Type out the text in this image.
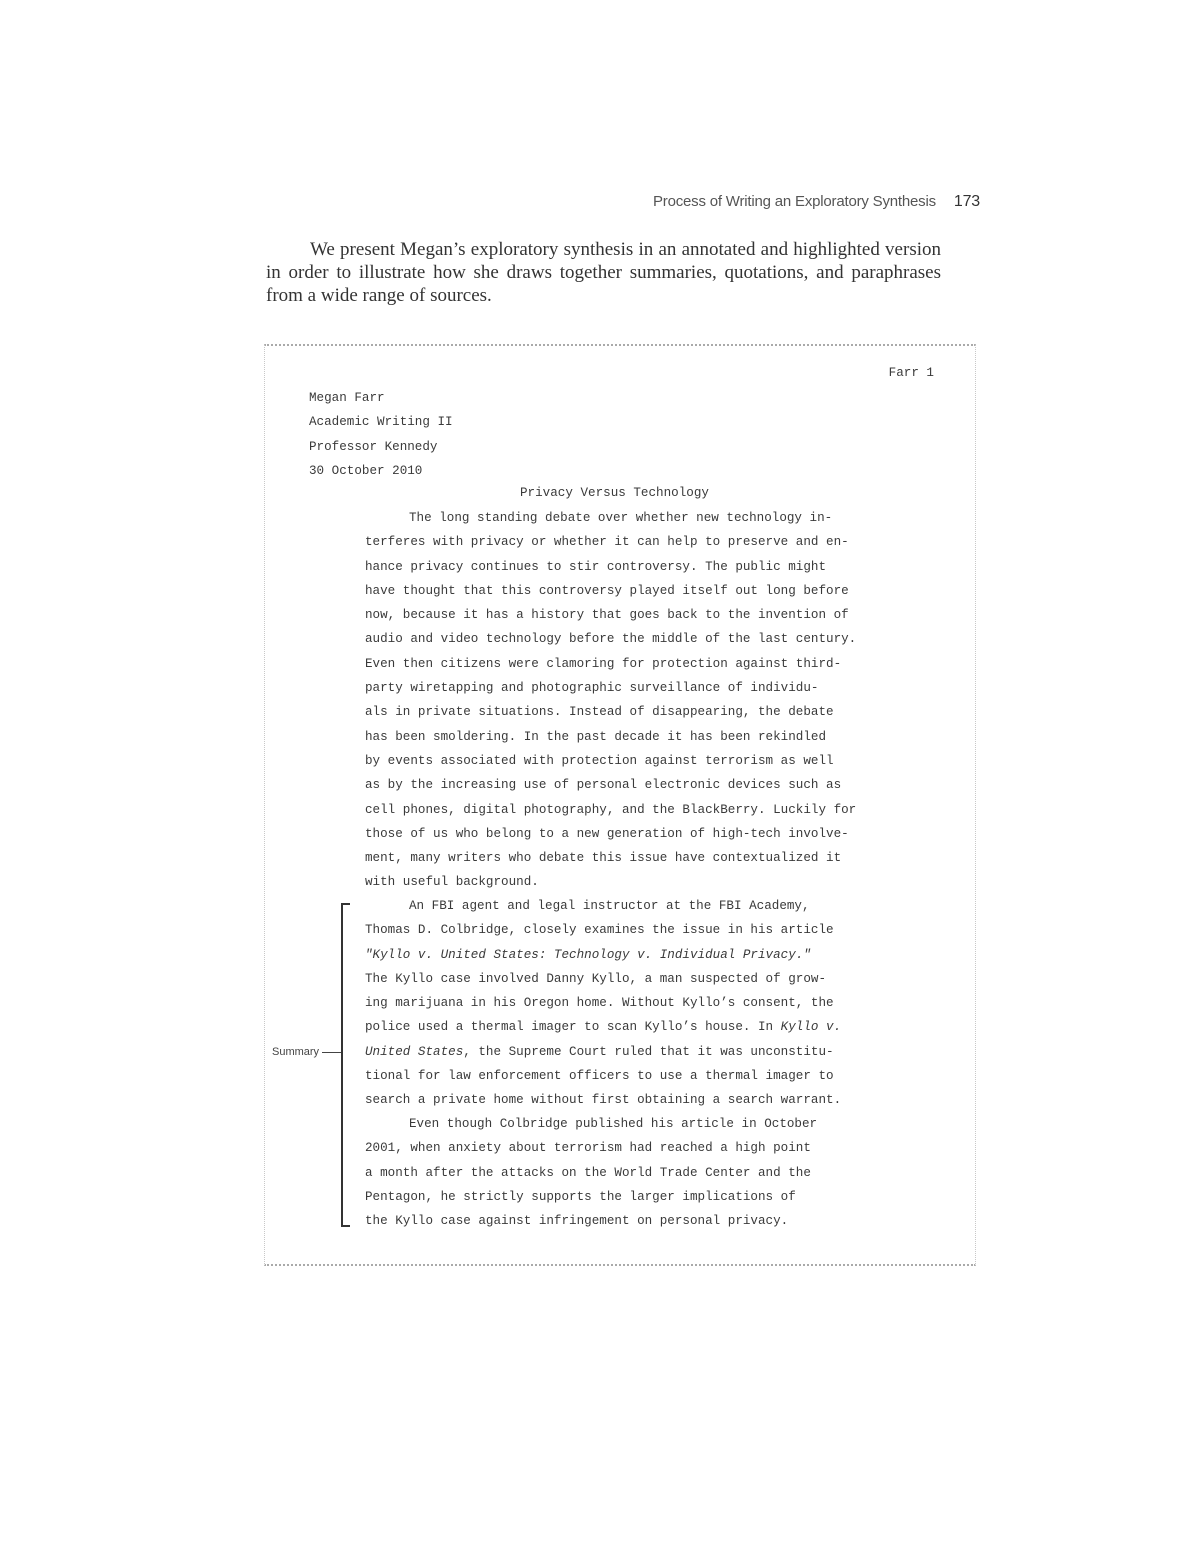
Process of Writing an Exploratory Synthesis 173

We present Megan’s exploratory synthesis in an annotated and highlighted version in order to illustrate how she draws together summaries, quotations, and paraphrases from a wide range of sources.

Farr 1
Megan Farr
Academic Writing II
Professor Kennedy
30 October 2010
Privacy Versus Technology
The long standing debate over whether new technology in-
terferes with privacy or whether it can help to preserve and en-
hance privacy continues to stir controversy. The public might
have thought that this controversy played itself out long before
now, because it has a history that goes back to the invention of
audio and video technology before the middle of the last century.
Even then citizens were clamoring for protection against third-
party wiretapping and photographic surveillance of individu-
als in private situations. Instead of disappearing, the debate
has been smoldering. In the past decade it has been rekindled
by events associated with protection against terrorism as well
as by the increasing use of personal electronic devices such as
cell phones, digital photography, and the BlackBerry. Luckily for
those of us who belong to a new generation of high-tech involve-
ment, many writers who debate this issue have contextualized it
with useful background.
An FBI agent and legal instructor at the FBI Academy,
Thomas D. Colbridge, closely examines the issue in his article
"Kyllo v. United States: Technology v. Individual Privacy."
The Kyllo case involved Danny Kyllo, a man suspected of grow-
ing marijuana in his Oregon home. Without Kyllo’s consent, the
police used a thermal imager to scan Kyllo’s house. In Kyllo v.
United States, the Supreme Court ruled that it was unconstitu-
tional for law enforcement officers to use a thermal imager to
search a private home without first obtaining a search warrant.
Even though Colbridge published his article in October
2001, when anxiety about terrorism had reached a high point
a month after the attacks on the World Trade Center and the
Pentagon, he strictly supports the larger implications of
the Kyllo case against infringement on personal privacy.
Summary
